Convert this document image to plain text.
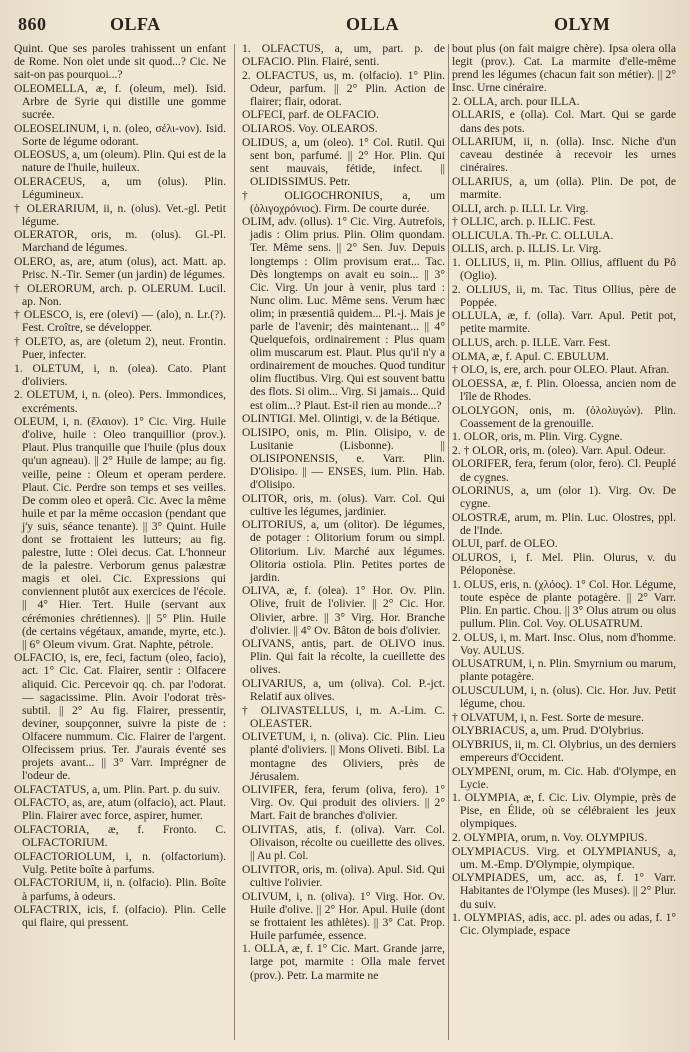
860	OLFA	OLLA	OLYM

Quint. Que ses paroles trahissent un enfant de Rome. Non olet unde sit quod...? Cic. Ne sait-on pas pourquoi...?

OLEOMELLA, æ, f. (oleum, mel). Isid. Arbre de Syrie qui distille une gomme sucrée.

OLEOSELINUM, i, n. (oleo, σέλι-νον). Isid. Sorte de légume odorant.

OLEOSUS, a, um (oleum). Plin. Qui est de la nature de l'huile, huileux.

OLERACEUS, a, um (olus). Plin. Légumineux.

† OLERARIUM, ii, n. (olus). Vet.-gl. Petit légume.

OLERATOR, oris, m. (olus). Gl.-Pl. Marchand de légumes.

OLERO, as, are, atum (olus), act. Matt. ap. Prisc. N.-Tir. Semer (un jardin) de légumes.

† OLERORUM, arch. p. OLERUM. Lucil. ap. Non.

† OLESCO, is, ere (olevi) — (alo), n. Lr.(?). Fest. Croître, se développer.

† OLETO, as, are (oletum 2), neut. Frontin. Puer, infecter.

1. OLETUM, i, n. (olea). Cato. Plant d'oliviers.

2. OLETUM, i, n. (oleo). Pers. Immondices, excréments.

OLEUM, i, n. (ἔλαιον). 1° Cic. Virg. Huile d'olive, huile : Oleo tranquillior (prov.). Plaut. Plus tranquille que l'huile (plus doux qu'un agneau). || 2° Huile de lampe; au fig. veille, peine : Oleum et operam perdere. Plaut. Cic. Perdre son temps et ses veilles. De comm oleo et operâ. Cic. Avec la même huile et par la même occasion (pendant que j'y suis, séance tenante). || 3° Quint. Huile dont se frottaient les lutteurs; au fig. palestre, lutte : Olei decus. Cat. L'honneur de la palestre. Verborum genus palæstræ magis et olei. Cic. Expressions qui conviennent plutôt aux exercices de l'école. || 4° Hier. Tert. Huile (servant aux cérémonies chrétiennes). || 5° Plin. Huile (de certains végétaux, amande, myrte, etc.). || 6° Oleum vivum. Grat. Naphte, pétrole.

OLFACIO, is, ere, feci, factum (oleo, facio), act. 1° Cic. Cat. Flairer, sentir : Olfacere aliquid. Cic. Percevoir qq. ch. par l'odorat. — sagacissime. Plin. Avoir l'odorat très-subtil. || 2° Au fig. Flairer, pressentir, deviner, soupçonner, suivre la piste de : Olfacere nummum. Cic. Flairer de l'argent. Olfecissem prius. Ter. J'aurais éventé ses projets avant... || 3° Varr. Imprégner de l'odeur de.

OLFACTATUS, a, um. Plin. Part. p. du suiv.

OLFACTO, as, are, atum (olfacio), act. Plaut. Plin. Flairer avec force, aspirer, humer.

OLFACTORIA, æ, f. Fronto. C. OLFACTORIUM.

OLFACTORIOLUM, i, n. (olfactorium). Vulg. Petite boîte à parfums.

OLFACTORIUM, ii, n. (olfacio). Plin. Boîte à parfums, à odeurs.

OLFACTRIX, icis, f. (olfacio). Plin. Celle qui flaire, qui pressent.

1. OLFACTUS, a, um, part. p. de OLFACIO. Plin. Flairé, senti.

2. OLFACTUS, us, m. (olfacio). 1° Plin. Odeur, parfum. || 2° Plin. Action de flairer; flair, odorat.

OLFECI, parf. de OLFACIO.

OLIAROS. Voy. OLEAROS.

OLIDUS, a, um (oleo). 1° Col. Rutil. Qui sent bon, parfumé. || 2° Hor. Plin. Qui sent mauvais, fétide, infect. || OLIDISSIMUS. Petr.

† OLIGOCHRONIUS, a, um (ὀλιγοχρόνιος). Firm. De courte durée.

OLIM, adv. (ollus). 1° Cic. Virg. Autrefois, jadis : Olim prius. Plin. Olim quondam. Ter. Même sens. || 2° Sen. Juv. Depuis longtemps : Olim provisum erat... Tac. Dès longtemps on avait eu soin... || 3° Cic. Virg. Un jour à venir, plus tard : Nunc olim. Luc. Même sens. Verum hæc olim; in præsentiâ quidem... Pl.-j. Mais je parle de l'avenir; dès maintenant... || 4° Quelquefois, ordinairement : Plus quam olim muscarum est. Plaut. Plus qu'il n'y a ordinairement de mouches. Quod tunditur olim fluctibus. Virg. Qui est souvent battu des flots. Si olim... Virg. Si jamais... Quid est olim...? Plaut. Est-il rien au monde...?

OLINTIGI. Mel. Olintigi, v. de la Bétique.

OLISIPO, onis, m. Plin. Olisipo, v. de Lusitanie (Lisbonne). || OLISIPONENSIS, e. Varr. Plin. D'Olisipo. || — ENSES, ium. Plin. Hab. d'Olisipo.

OLITOR, oris, m. (olus). Varr. Col. Qui cultive les légumes, jardinier.

OLITORIUS, a, um (olitor). De légumes, de potager : Olitorium forum ou simpl. Olitorium. Liv. Marché aux légumes. Olitoria ostiola. Plin. Petites portes de jardin.

OLIVA, æ, f. (olea). 1° Hor. Ov. Plin. Olive, fruit de l'olivier. || 2° Cic. Hor. Olivier, arbre. || 3° Virg. Hor. Branche d'olivier. || 4° Ov. Bâton de bois d'olivier.

OLIVANS, antis, part. de OLIVO inus. Plin. Qui fait la récolte, la cueillette des olives.

OLIVARIUS, a, um (oliva). Col. P.-jct. Relatif aux olives.

† OLIVASTELLUS, i, m. A.-Lim. C. OLEASTER.

OLIVETUM, i, n. (oliva). Cic. Plin. Lieu planté d'oliviers. || Mons Oliveti. Bibl. La montagne des Oliviers, près de Jérusalem.

OLIVIFER, fera, ferum (oliva, fero). 1° Virg. Ov. Qui produit des oliviers. || 2° Mart. Fait de branches d'olivier.

OLIVITAS, atis, f. (oliva). Varr. Col. Olivaison, récolte ou cueillette des olives. || Au pl. Col.

OLIVITOR, oris, m. (oliva). Apul. Sid. Qui cultive l'olivier.

OLIVUM, i, n. (oliva). 1° Virg. Hor. Ov. Huile d'olive. || 2° Hor. Apul. Huile (dont se frottaient les athlètes). || 3° Cat. Prop. Huile parfumée, essence.

1. OLLA, æ, f. 1° Cic. Mart. Grande jarre, large pot, marmite : Olla male fervet (prov.). Petr. La marmite ne

bout plus (on fait maigre chère). Ipsa olera olla legit (prov.). Cat. La marmite d'elle-même prend les légumes (chacun fait son métier). || 2° Insc. Urne cinéraire.

2. OLLA, arch. pour ILLA.

OLLARIS, e (olla). Col. Mart. Qui se garde dans des pots.

OLLARIUM, ii, n. (olla). Insc. Niche d'un caveau destinée à recevoir les urnes cinéraires.

OLLARIUS, a, um (olla). Plin. De pot, de marmite.

OLLI, arch. p. ILLI. Lr. Virg.

† OLLIC, arch. p. ILLIC. Fest.

OLLICULA. Th.-Pr. C. OLLULA.

OLLIS, arch. p. ILLIS. Lr. Virg.

1. OLLIUS, ii, m. Plin. Ollius, affluent du Pô (Oglio).

2. OLLIUS, ii, m. Tac. Titus Ollius, père de Poppée.

OLLULA, æ, f. (olla). Varr. Apul. Petit pot, petite marmite.

OLLUS, arch. p. ILLE. Varr. Fest.

OLMA, æ, f. Apul. C. EBULUM.

† OLO, is, ere, arch. pour OLEO. Plaut. Afran.

OLOESSA, æ, f. Plin. Oloessa, ancien nom de l'île de Rhodes.

OLOLYGON, onis, m. (ὀλολυγών). Plin. Coassement de la grenouille.

1. OLOR, oris, m. Plin. Virg. Cygne.

2. † OLOR, oris, m. (oleo). Varr. Apul. Odeur.

OLORIFER, fera, ferum (olor, fero). Cl. Peuplé de cygnes.

OLORINUS, a, um (olor 1). Virg. Ov. De cygne.

OLOSTRÆ, arum, m. Plin. Luc. Olostres, ppl. de l'Inde.

OLUI, parf. de OLEO.

OLUROS, i, f. Mel. Plin. Olurus, v. du Péloponèse.

1. OLUS, eris, n. (χλόος). 1° Col. Hor. Légume, toute espèce de plante potagère. || 2° Varr. Plin. En partic. Chou. || 3° Olus atrum ou olus pullum. Plin. Col. Voy. OLUSATRUM.

2. OLUS, i, m. Mart. Insc. Olus, nom d'homme. Voy. AULUS.

OLUSATRUM, i, n. Plin. Smyrnium ou marum, plante potagère.

OLUSCULUM, i, n. (olus). Cic. Hor. Juv. Petit légume, chou.

† OLVATUM, i, n. Fest. Sorte de mesure.

OLYBRIACUS, a, um. Prud. D'Olybrius.

OLYBRIUS, ii, m. Cl. Olybrius, un des derniers empereurs d'Occident.

OLYMPENI, orum, m. Cic. Hab. d'Olympe, en Lycie.

1. OLYMPIA, æ, f. Cic. Liv. Olympie, près de Pise, en Élide, où se célébraient les jeux olympiques.

2. OLYMPIA, orum, n. Voy. OLYMPIUS.

OLYMPIACUS. Virg. et OLYMPIANUS, a, um. M.-Emp. D'Olympie, olympique.

OLYMPIADES, um, acc. as, f. 1° Varr. Habitantes de l'Olympe (les Muses). || 2° Plur. du suiv.

1. OLYMPIAS, adis, acc. pl. ades ou adas, f. 1° Cic. Olympiade, espace
